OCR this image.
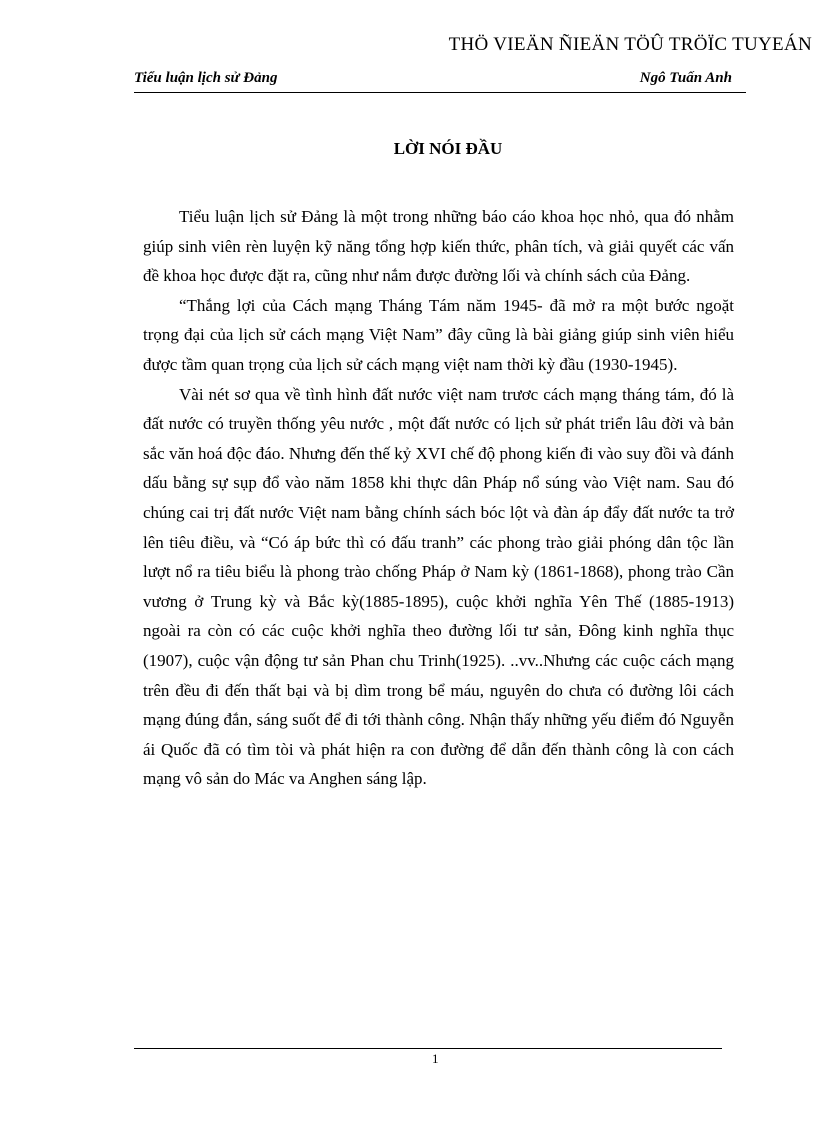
THÖ VIEÄN ÑIEÄN TÖÛ TRÖÏC TUYEÁN
Tiểu luận lịch sử Đảng	Ngô Tuấn Anh
LỜI NÓI ĐẦU

Tiểu luận lịch sử Đảng là một trong những báo cáo khoa học nhỏ, qua đó nhằm giúp sinh viên rèn luyện kỹ năng tổng hợp kiến thức, phân tích, và giải quyết các vấn đề khoa học được đặt ra, cũng như nắm được đường lối và chính sách của Đảng.

“Thắng lợi của Cách mạng Tháng Tám năm 1945- đã mở ra một bước ngoặt trọng đại của lịch sử cách mạng Việt Nam” đây cũng là bài giảng giúp sinh viên hiểu được tầm quan trọng của lịch sử cách mạng việt nam thời kỳ đầu (1930-1945).

Vài nét sơ qua về tình hình đất nước việt nam trươc cách mạng tháng tám, đó là đất nước có truyền thống yêu nước , một đất nước có lịch sử phát triển lâu đời và bản sắc văn hoá độc đáo. Nhưng đến thế kỷ XVI chế độ phong kiến đi vào suy đồi và đánh dấu bằng sự sụp đổ vào năm 1858 khi thực dân Pháp nổ súng vào Việt nam. Sau đó chúng cai trị đất nước Việt nam bằng chính sách bóc lột và đàn áp đẩy đất nước ta trở lên tiêu điều, và “Có áp bức thì có đấu tranh” các phong trào giải phóng dân tộc lần lượt nổ ra tiêu biểu là phong trào chống Pháp ở Nam kỳ (1861-1868), phong trào Cần vương ở Trung kỳ và Bắc kỳ(1885-1895), cuộc khởi nghĩa Yên Thế (1885-1913) ngoài ra còn có các cuộc khởi nghĩa theo đường lối tư sản, Đông kinh nghĩa thục (1907), cuộc vận động tư sản Phan chu Trinh(1925). ..vv..Nhưng các cuộc cách mạng trên đều đi đến thất bại và bị dìm trong bể máu, nguyên do chưa có đường lôi cách mạng đúng đắn, sáng suốt để đi tới thành công. Nhận thấy những yếu điểm đó Nguyễn ái Quốc đã có tìm tòi và phát hiện ra con đường để dẫn đến thành công là con cách mạng vô sản do Mác va Anghen sáng lập.

1
